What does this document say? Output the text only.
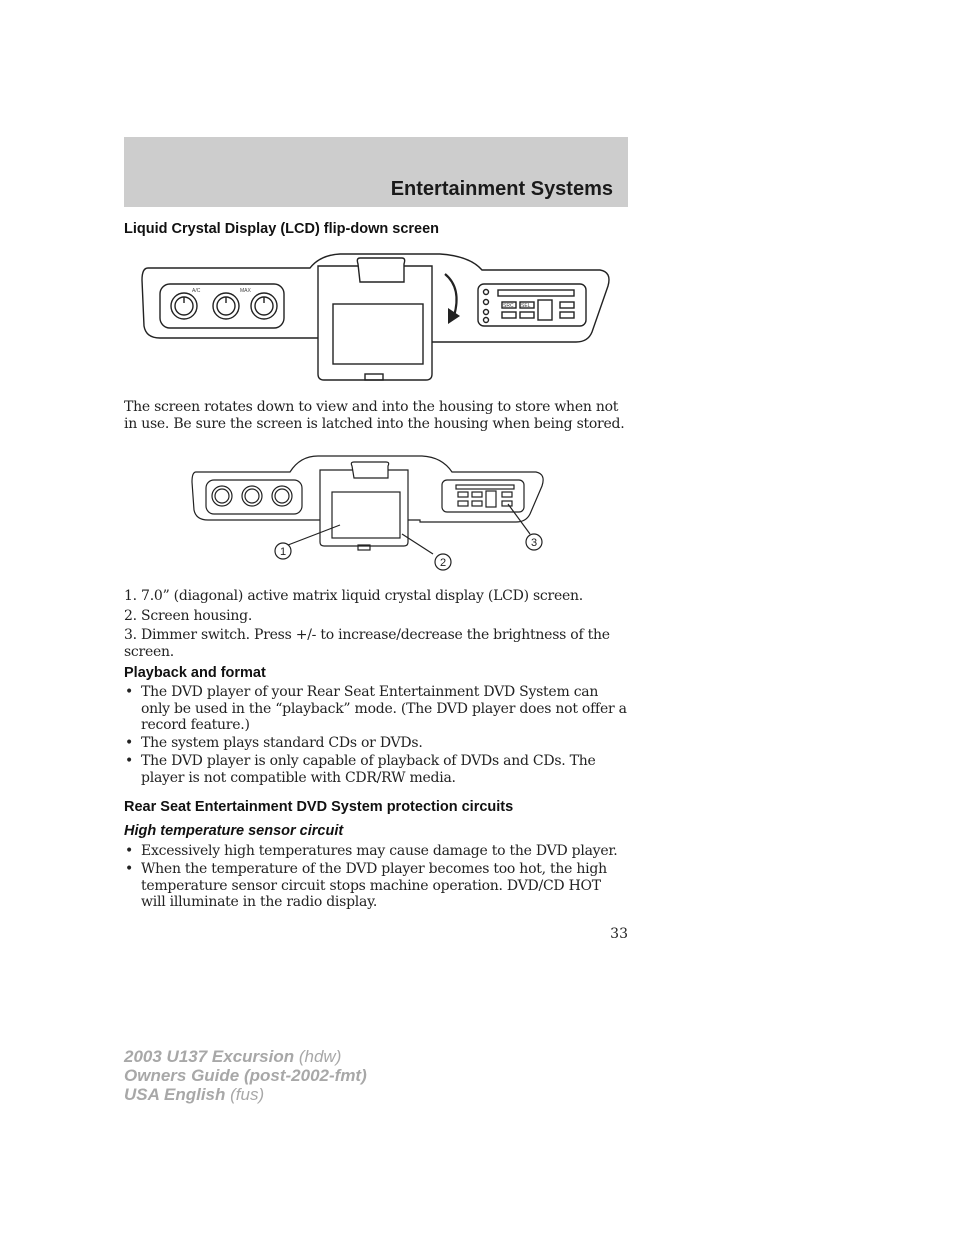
Entertainment Systems
Liquid Crystal Display (LCD) flip-down screen
A/C	MAX
SRC SEL
The screen rotates down to view and into the housing to store when not in use. Be sure the screen is latched into the housing when being stored.
1
2
3
1. 7.0” (diagonal) active matrix liquid crystal display (LCD) screen.
2. Screen housing.
3. Dimmer switch. Press +/- to increase/decrease the brightness of the screen.
Playback and format
• The DVD player of your Rear Seat Entertainment DVD System can only be used in the “playback” mode. (The DVD player does not offer a record feature.)
• The system plays standard CDs or DVDs.
• The DVD player is only capable of playback of DVDs and CDs. The player is not compatible with CDR/RW media.
Rear Seat Entertainment DVD System protection circuits
High temperature sensor circuit
• Excessively high temperatures may cause damage to the DVD player.
• When the temperature of the DVD player becomes too hot, the high temperature sensor circuit stops machine operation. DVD/CD HOT will illuminate in the radio display.
33
2003 U137 Excursion (hdw)
Owners Guide (post-2002-fmt)
USA English (fus)
